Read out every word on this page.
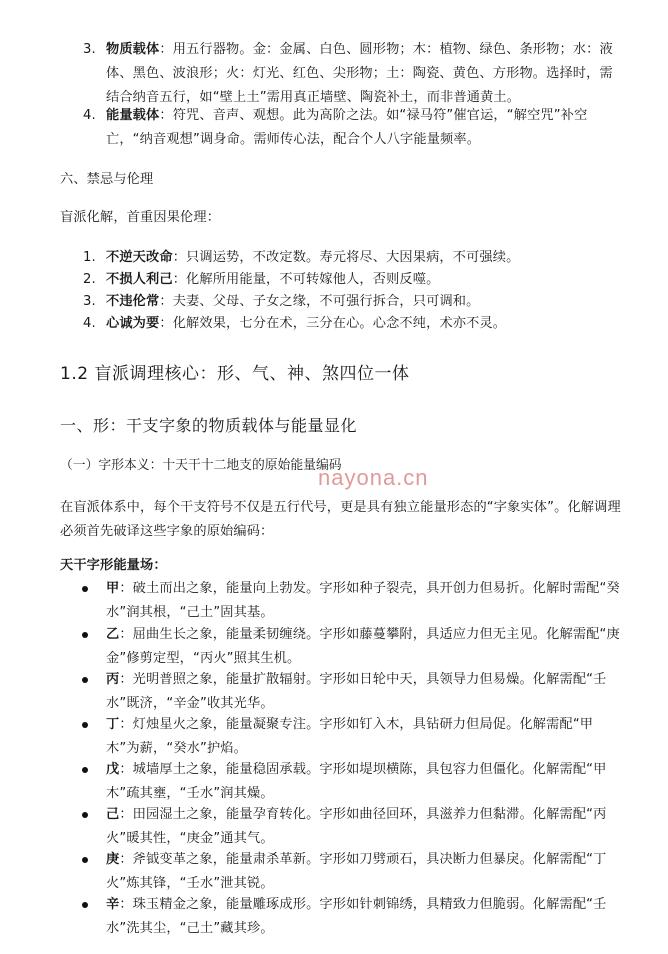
3. 物质载体：用五行器物。金：金属、白色、圆形物；木：植物、绿色、条形物；水：液体、黑色、波浪形；火：灯光、红色、尖形物；土：陶瓷、黄色、方形物。选择时，需结合纳音五行，如“壁上土”需用真正墙壁、陶瓷补土，而非普通黄土。
4. 能量载体：符咒、音声、观想。此为高阶之法。如“禄马符”催官运，“解空咒”补空亡，“纳音观想”调身命。需师传心法，配合个人八字能量频率。
六、禁忌与伦理
盲派化解，首重因果伦理：
1. 不逆天改命：只调运势，不改定数。寿元将尽、大因果病，不可强续。
2. 不损人利己：化解所用能量，不可转嫁他人，否则反噬。
3. 不违伦常：夫妻、父母、子女之缘，不可强行拆合，只可调和。
4. 心诚为要：化解效果，七分在术，三分在心。心念不纯，术亦不灵。
1.2 盲派调理核心：形、气、神、煞四位一体
一、形：干支字象的物质载体与能量显化
（一）字形本义：十天干十二地支的原始能量编码
nayona.cn
在盲派体系中，每个干支符号不仅是五行代号，更是具有独立能量形态的“字象实体”。化解调理必须首先破译这些字象的原始编码：
天干字形能量场：
甲：破土而出之象，能量向上勃发。字形如种子裂壳，具开创力但易折。化解时需配“癸水”润其根，“己土”固其基。
乙：屈曲生长之象，能量柔韧缠绕。字形如藤蔓攀附，具适应力但无主见。化解需配“庚金”修剪定型，“丙火”照其生机。
丙：光明普照之象，能量扩散辐射。字形如日轮中天，具领导力但易燥。化解需配“壬水”既济，“辛金”收其光华。
丁：灯烛星火之象，能量凝聚专注。字形如钉入木，具钻研力但局促。化解需配“甲木”为薪，“癸水”护焰。
戊：城墙厚土之象，能量稳固承载。字形如堤坝横陈，具包容力但僵化。化解需配“甲木”疏其壅，“壬水”润其燥。
己：田园湿土之象，能量孕育转化。字形如曲径回环，具滋养力但黏滞。化解需配“丙火”暖其性，“庚金”通其气。
庚：斧钺变革之象，能量肃杀革新。字形如刀劈顽石，具决断力但暴戾。化解需配“丁火”炼其锋，“壬水”泄其锐。
辛：珠玉精金之象，能量雕琢成形。字形如针刺锦绣，具精致力但脆弱。化解需配“壬水”洗其尘，“己土”藏其珍。
